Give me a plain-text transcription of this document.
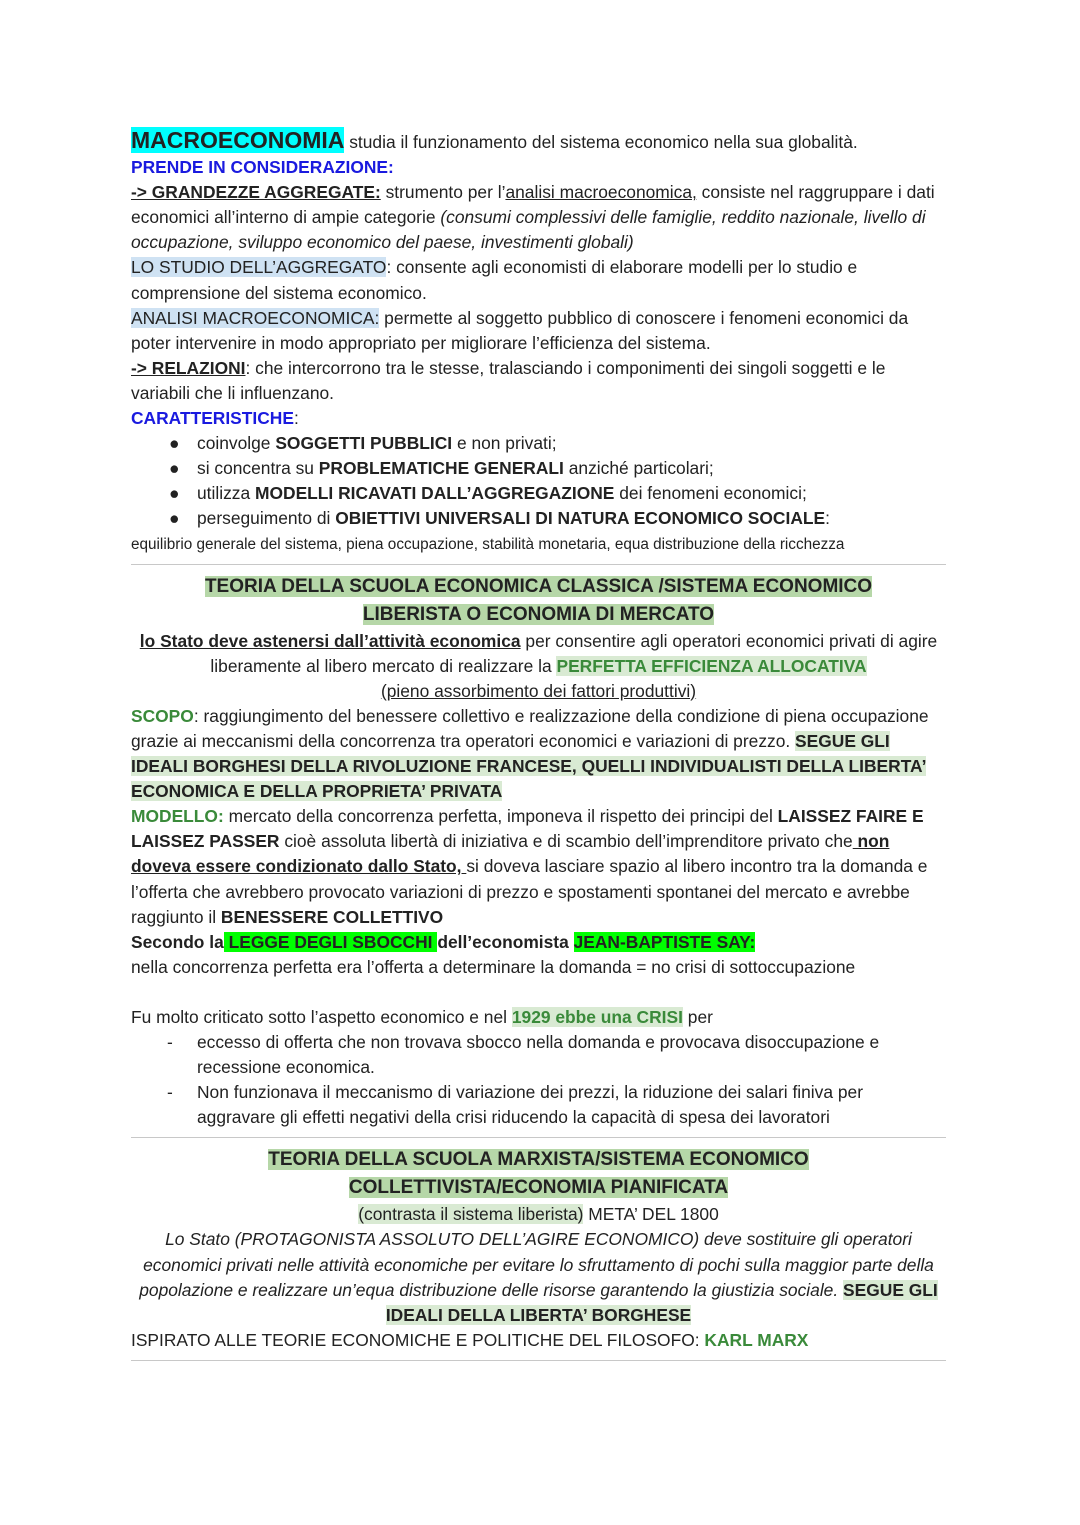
MACROECONOMIA studia il funzionamento del sistema economico nella sua globalità.

PRENDE IN CONSIDERAZIONE:

-> GRANDEZZE AGGREGATE: strumento per l’analisi macroeconomica, consiste nel raggruppare i dati economici all’interno di ampie categorie (consumi complessivi delle famiglie, reddito nazionale, livello di occupazione, sviluppo economico del paese, investimenti globali)

LO STUDIO DELL’AGGREGATO: consente agli economisti di elaborare modelli per lo studio e comprensione del sistema economico.

ANALISI MACROECONOMICA: permette al soggetto pubblico di conoscere i fenomeni economici da poter intervenire in modo appropriato per migliorare l’efficienza del sistema.

-> RELAZIONI: che intercorrono tra le stesse, tralasciando i componimenti dei singoli soggetti e le variabili che li influenzano.

CARATTERISTICHE:

● coinvolge SOGGETTI PUBBLICI e non privati;
● si concentra su PROBLEMATICHE GENERALI anziché particolari;
● utilizza MODELLI RICAVATI DALL’AGGREGAZIONE dei fenomeni economici;
● perseguimento di OBIETTIVI UNIVERSALI DI NATURA ECONOMICO SOCIALE:

equilibrio generale del sistema, piena occupazione, stabilità monetaria, equa distribuzione della ricchezza

TEORIA DELLA SCUOLA ECONOMICA CLASSICA /SISTEMA ECONOMICO
LIBERISTA O ECONOMIA DI MERCATO

lo Stato deve astenersi dall’attività economica per consentire agli operatori economici privati di agire liberamente al libero mercato di realizzare la PERFETTA EFFICIENZA ALLOCATIVA
(pieno assorbimento dei fattori produttivi)

SCOPO: raggiungimento del benessere collettivo e realizzazione della condizione di piena occupazione grazie ai meccanismi della concorrenza tra operatori economici e variazioni di prezzo. SEGUE GLI IDEALI BORGHESI DELLA RIVOLUZIONE FRANCESE, QUELLI INDIVIDUALISTI DELLA LIBERTA’ ECONOMICA E DELLA PROPRIETA’ PRIVATA

MODELLO: mercato della concorrenza perfetta, imponeva il rispetto dei principi del LAISSEZ FAIRE E LAISSEZ PASSER cioè assoluta libertà di iniziativa e di scambio dell’imprenditore privato che non doveva essere condizionato dallo Stato, si doveva lasciare spazio al libero incontro tra la domanda e l’offerta che avrebbero provocato variazioni di prezzo e spostamenti spontanei del mercato e avrebbe raggiunto il BENESSERE COLLETTIVO

Secondo la LEGGE DEGLI SBOCCHI dell’economista JEAN-BAPTISTE SAY:

nella concorrenza perfetta era l’offerta a determinare la domanda = no crisi di sottoccupazione

Fu molto criticato sotto l’aspetto economico e nel 1929 ebbe una CRISI per

- eccesso di offerta che non trovava sbocco nella domanda e provocava disoccupazione e recessione economica.
- Non funzionava il meccanismo di variazione dei prezzi, la riduzione dei salari finiva per aggravare gli effetti negativi della crisi riducendo la capacità di spesa dei lavoratori
TEORIA DELLA SCUOLA MARXISTA/SISTEMA ECONOMICO
COLLETTIVISTA/ECONOMIA PIANIFICATA

(contrasta il sistema liberista) META’ DEL 1800

Lo Stato (PROTAGONISTA ASSOLUTO DELL’AGIRE ECONOMICO) deve sostituire gli operatori economici privati nelle attività economiche per evitare lo sfruttamento di pochi sulla maggior parte della popolazione e realizzare un’equa distribuzione delle risorse garantendo la giustizia sociale. SEGUE GLI IDEALI DELLA LIBERTA’ BORGHESE

ISPIRATO ALLE TEORIE ECONOMICHE E POLITICHE DEL FILOSOFO: KARL MARX
